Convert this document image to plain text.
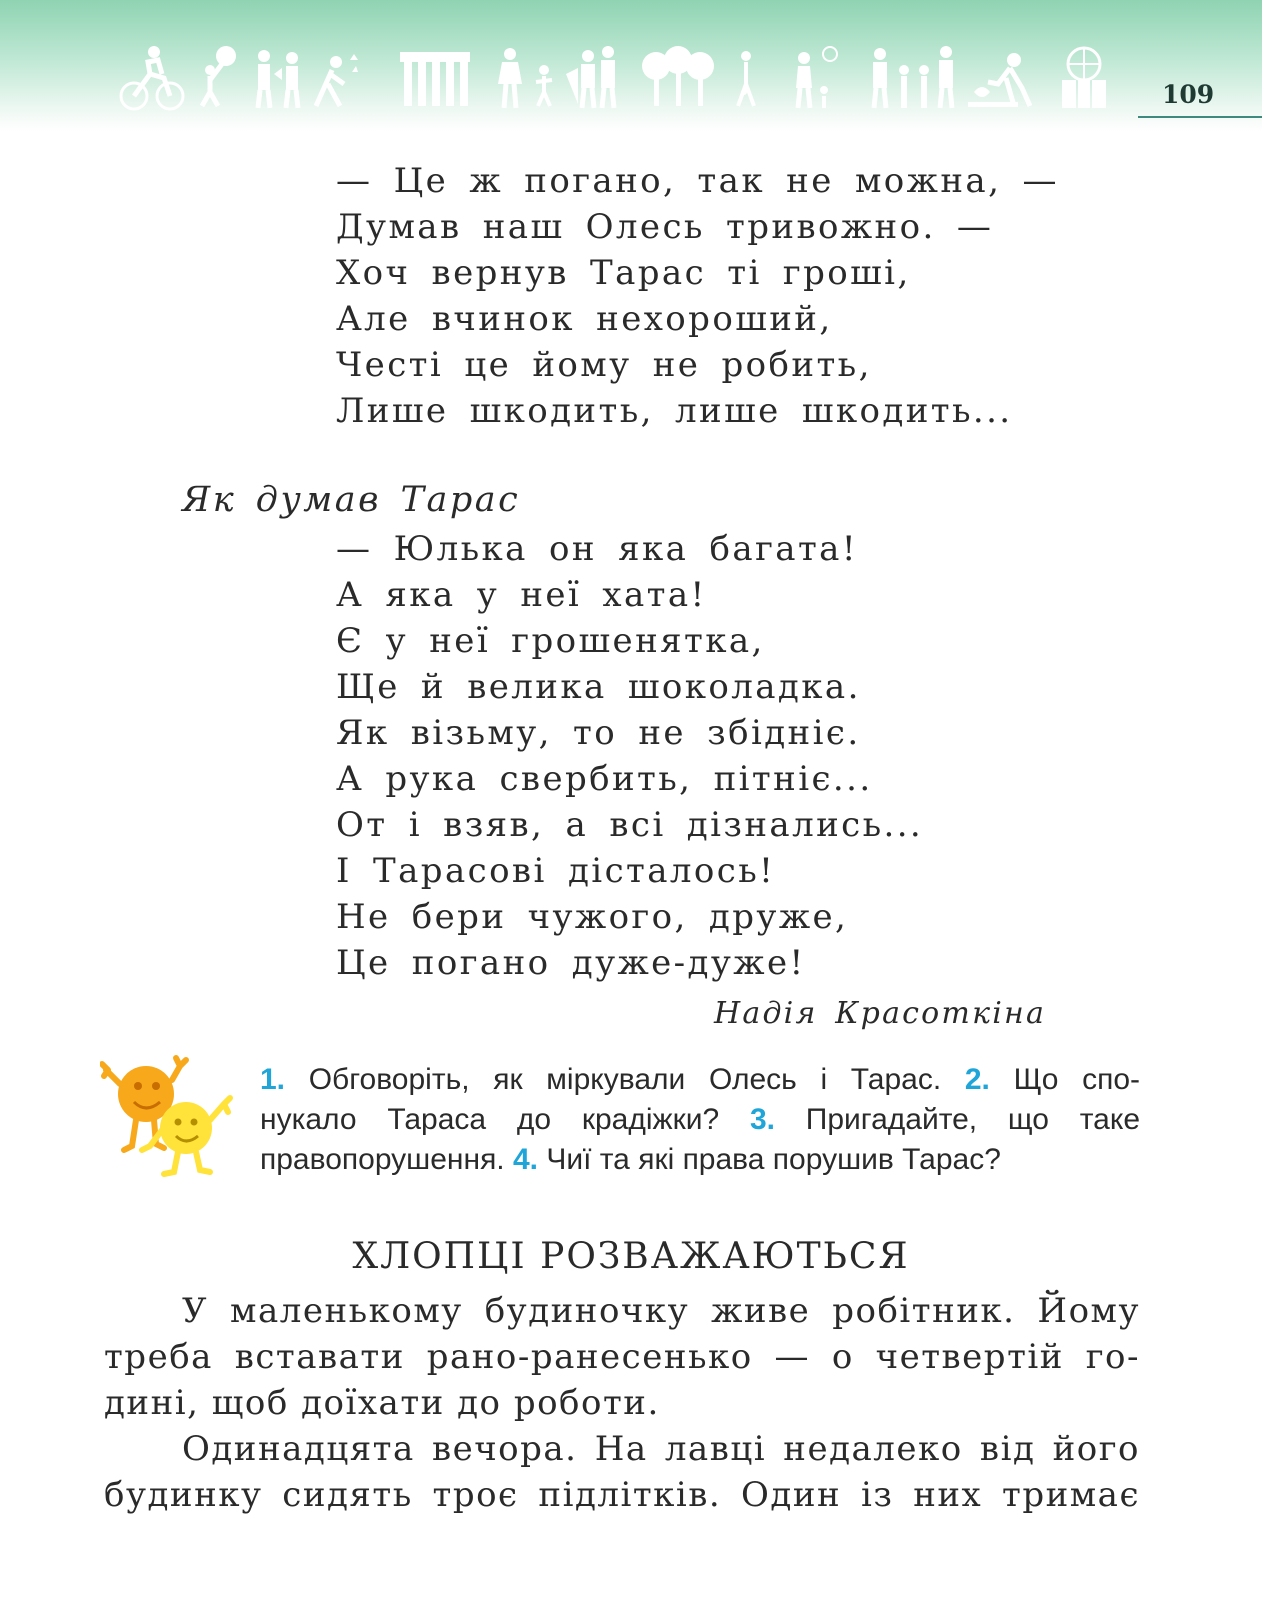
109
— Це ж погано, так не можна, —
Думав наш Олесь тривожно. —
Хоч вернув Тарас ті гроші,
Але вчинок нехороший,
Честі це йому не робить,
Лише шкодить, лише шкодить...
Як думав Тарас
— Юлька он яка багата!
А яка у неї хата!
Є у неї грошенятка,
Ще й велика шоколадка.
Як візьму, то не збідніє.
А рука свербить, пітніє...
От і взяв, а всі дізнались...
І Тарасові дісталось!
Не бери чужого, друже,
Це погано дуже-дуже!
Надія Красоткіна
1. Обговоріть, як міркували Олесь і Тарас. 2. Що спо-
нукало Тараса до крадіжки? 3. Пригадайте, що таке
правопорушення. 4. Чиї та які права порушив Тарас?
ХЛОПЦІ РОЗВАЖАЮТЬСЯ
У маленькому будиночку живе робітник. Йому
треба вставати рано-ранесенько — о четвертій го-
дині, щоб доїхати до роботи.
Одинадцята вечора. На лавці недалеко від його
будинку сидять троє підлітків. Один із них тримає
